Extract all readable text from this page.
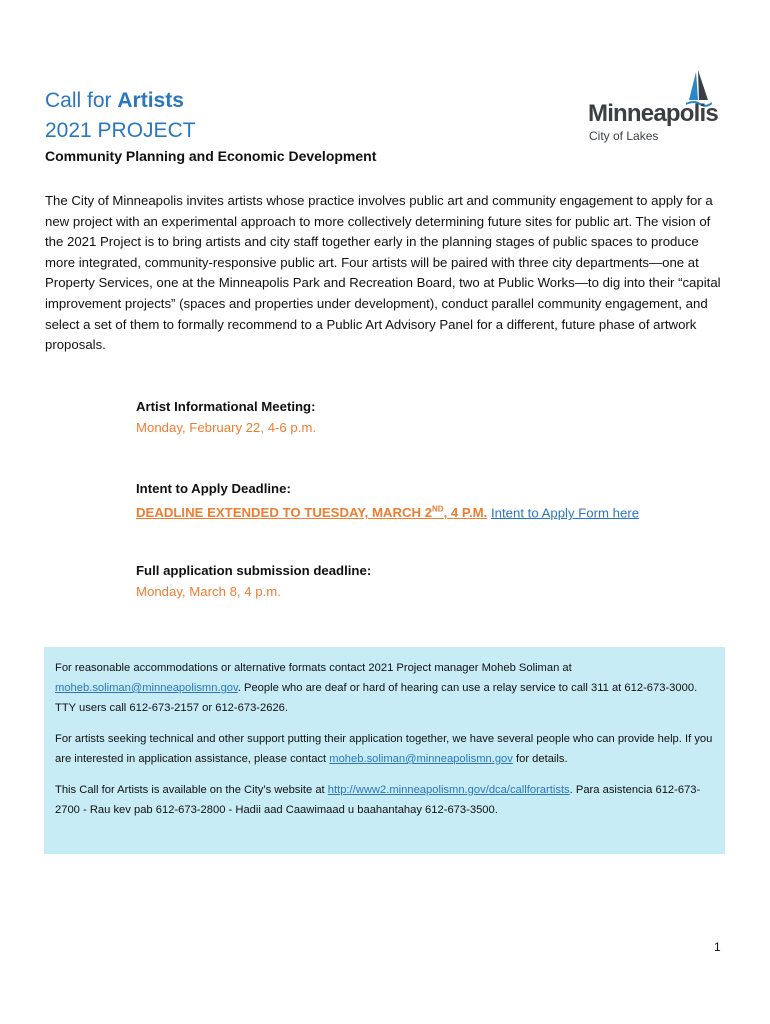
Call for Artists
2021 PROJECT
Minneapolis
City of Lakes
Community Planning and Economic Development

The City of Minneapolis invites artists whose practice involves public art and community engagement to apply for a new project with an experimental approach to more collectively determining future sites for public art. The vision of the 2021 Project is to bring artists and city staff together early in the planning stages of public spaces to produce more integrated, community-responsive public art. Four artists will be paired with three city departments—one at Property Services, one at the Minneapolis Park and Recreation Board, two at Public Works—to dig into their “capital improvement projects” (spaces and properties under development), conduct parallel community engagement, and select a set of them to formally recommend to a Public Art Advisory Panel for a different, future phase of artwork proposals.

Artist Informational Meeting:
Monday, February 22, 4-6 p.m.
Intent to Apply Deadline:
DEADLINE EXTENDED TO TUESDAY, MARCH 2ND, 4 P.M. Intent to Apply Form here
Full application submission deadline:
Monday, March 8, 4 p.m.

For reasonable accommodations or alternative formats contact 2021 Project manager Moheb Soliman at moheb.soliman@minneapolismn.gov. People who are deaf or hard of hearing can use a relay service to call 311 at 612-673-3000. TTY users call 612-673-2157 or 612-673-2626.

For artists seeking technical and other support putting their application together, we have several people who can provide help. If you are interested in application assistance, please contact moheb.soliman@minneapolismn.gov for details.

This Call for Artists is available on the City’s website at http://www2.minneapolismn.gov/dca/callforartists. Para asistencia 612-673-2700 - Rau kev pab 612-673-2800 - Hadii aad Caawimaad u baahantahay 612-673-3500.

1
